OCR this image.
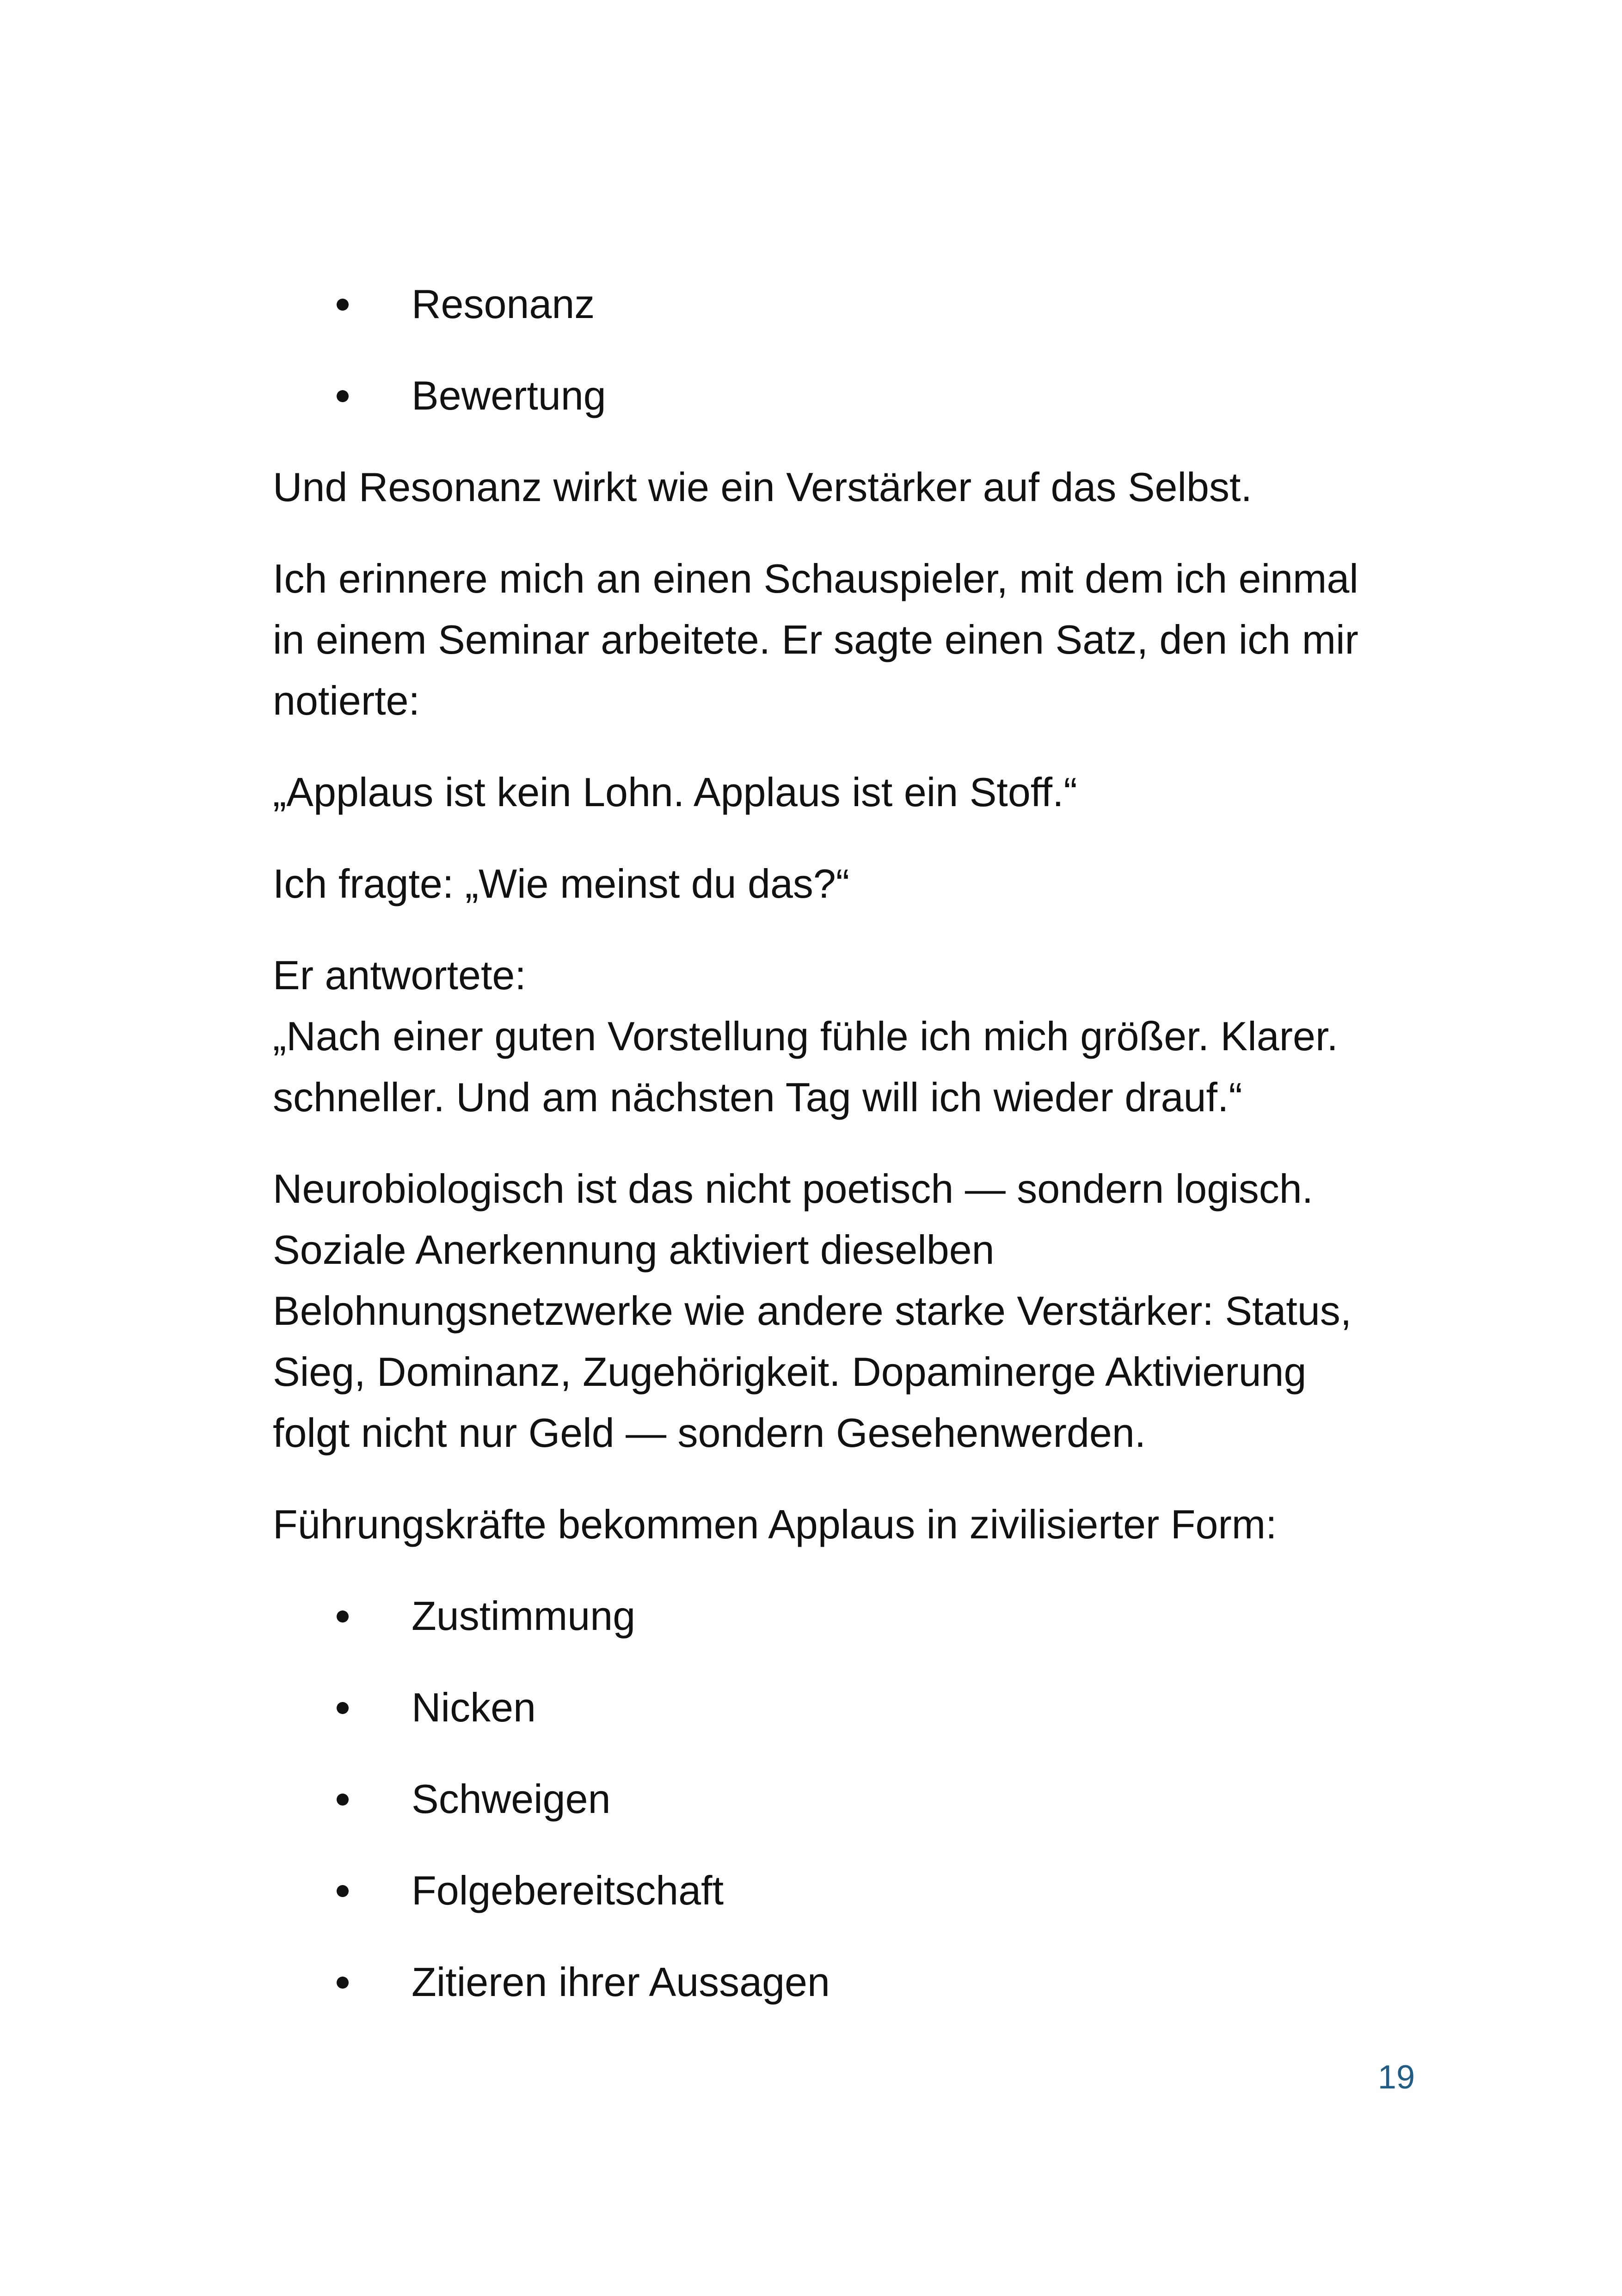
Resonanz
Bewertung
Und Resonanz wirkt wie ein Verstärker auf das Selbst.
Ich erinnere mich an einen Schauspieler, mit dem ich einmal
in einem Seminar arbeitete. Er sagte einen Satz, den ich mir
notierte:
„Applaus ist kein Lohn. Applaus ist ein Stoff.“
Ich fragte: „Wie meinst du das?“
Er antwortete:
„Nach einer guten Vorstellung fühle ich mich größer. Klarer.
schneller. Und am nächsten Tag will ich wieder drauf.“
Neurobiologisch ist das nicht poetisch — sondern logisch.
Soziale Anerkennung aktiviert dieselben
Belohnungsnetzwerke wie andere starke Verstärker: Status,
Sieg, Dominanz, Zugehörigkeit. Dopaminerge Aktivierung
folgt nicht nur Geld — sondern Gesehenwerden.
Führungskräfte bekommen Applaus in zivilisierter Form:
Zustimmung
Nicken
Schweigen
Folgebereitschaft
Zitieren ihrer Aussagen
19
